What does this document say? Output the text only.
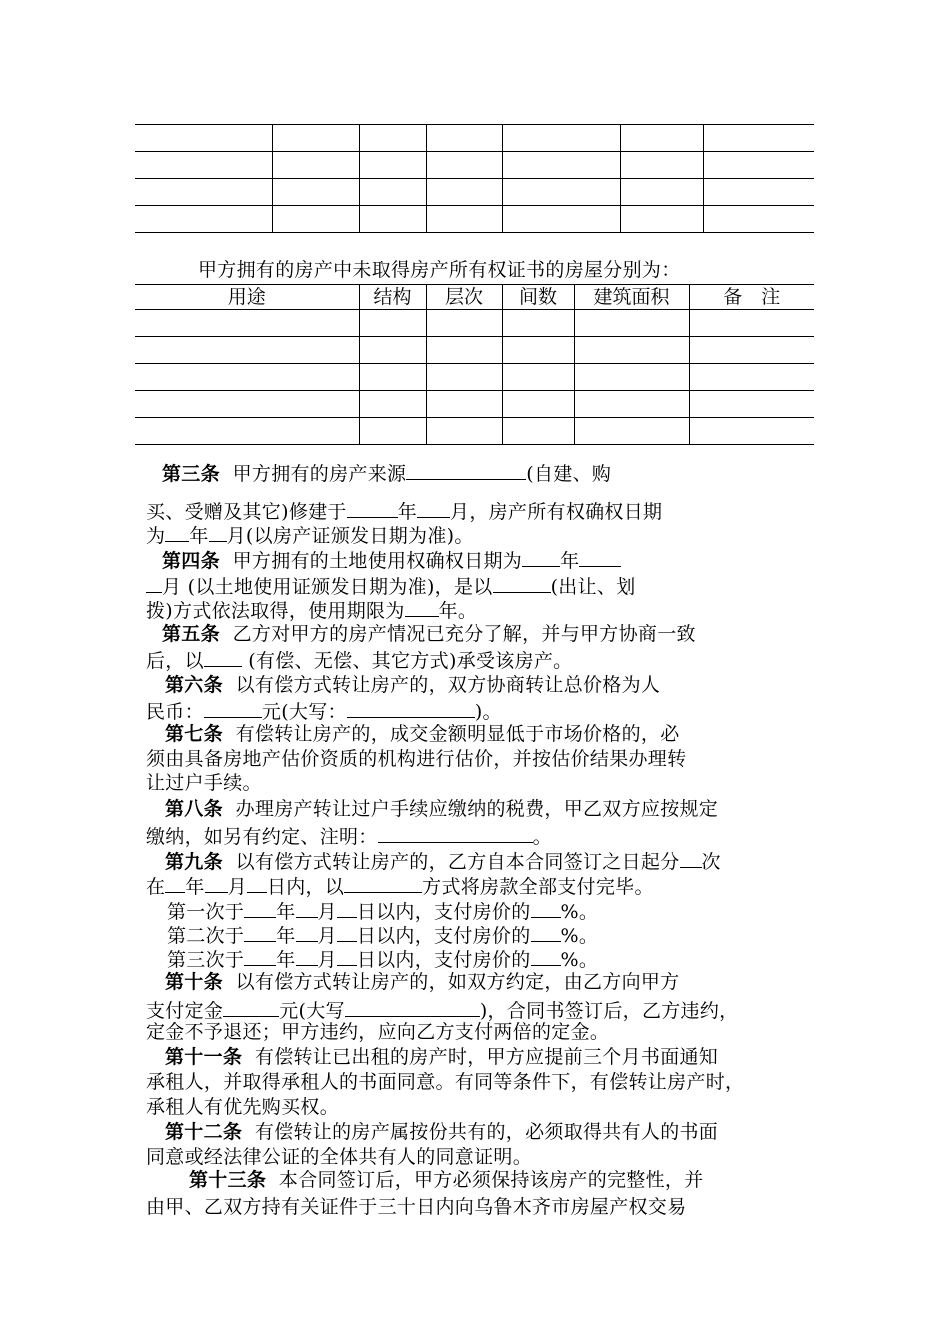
甲方拥有的房产中未取得房产所有权证书的房屋分别为：
用途	结构	层次	间数	建筑面积	备　注

第三条 甲方拥有的房产来源	(自建、购
买、受赠及其它)修建于	年 月，房产所有权确权日期
为 年 月(以房产证颁发日期为准)。
第四条 甲方拥有的土地使用权确权日期为 年
月 (以土地使用证颁发日期为准)，是以	(出让、划
拨)方式依法取得，使用期限为 年。
第五条 乙方对甲方的房产情况已充分了解，并与甲方协商一致
后，以 (有偿、无偿、其它方式)承受该房产。
第六条 以有偿方式转让房产的，双方协商转让总价格为人
民币：	元(大写：	)。
第七条 有偿转让房产的，成交金额明显低于市场价格的，必
须由具备房地产估价资质的机构进行估价，并按估价结果办理转
让过户手续。
第八条 办理房产转让过户手续应缴纳的税费，甲乙双方应按规定
缴纳，如另有约定、注明：	。
第九条 以有偿方式转让房产的，乙方自本合同签订之日起分 次
在 年 月 日内，以	方式将房款全部支付完毕。
第一次于 年 月 日以内，支付房价的 %。
第二次于 年 月 日以内，支付房价的 %。
第三次于 年 月 日以内，支付房价的 %。
第十条 以有偿方式转让房产的，如双方约定，由乙方向甲方
支付定金	元(大写	)，合同书签订后，乙方违约，
定金不予退还；甲方违约，应向乙方支付两倍的定金。
第十一条 有偿转让已出租的房产时，甲方应提前三个月书面通知
承租人，并取得承租人的书面同意。有同等条件下，有偿转让房产时，
承租人有优先购买权。
第十二条 有偿转让的房产属按份共有的，必须取得共有人的书面
同意或经法律公证的全体共有人的同意证明。
第十三条 本合同签订后，甲方必须保持该房产的完整性，并
由甲、乙双方持有关证件于三十日内向乌鲁木齐市房屋产权交易
